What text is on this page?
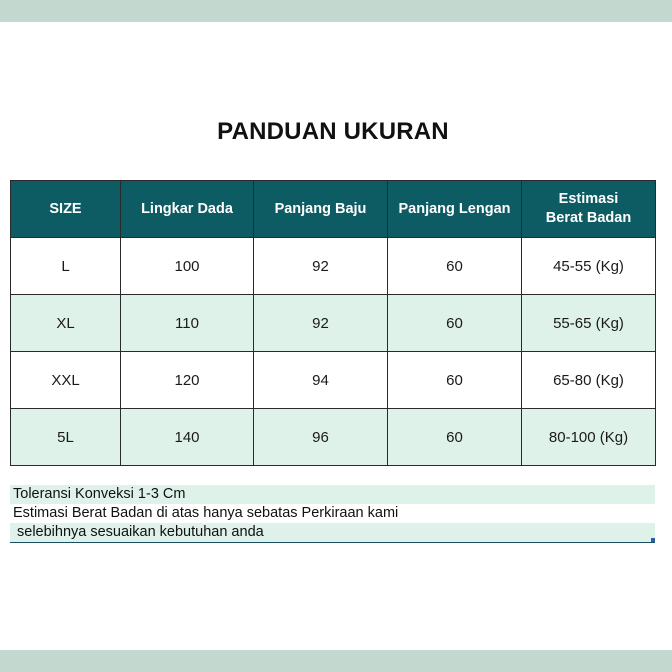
PANDUAN UKURAN
SIZE	Lingkar Dada	Panjang Baju	Panjang Lengan	Estimasi
Berat Badan
L	100	92	60	45-55 (Kg)
XL	110	92	60	55-65 (Kg)
XXL	120	94	60	65-80 (Kg)
5L	140	96	60	80-100 (Kg)
Toleransi Konveksi 1-3 Cm
Estimasi Berat Badan di atas hanya sebatas Perkiraan kami
selebihnya sesuaikan kebutuhan anda
